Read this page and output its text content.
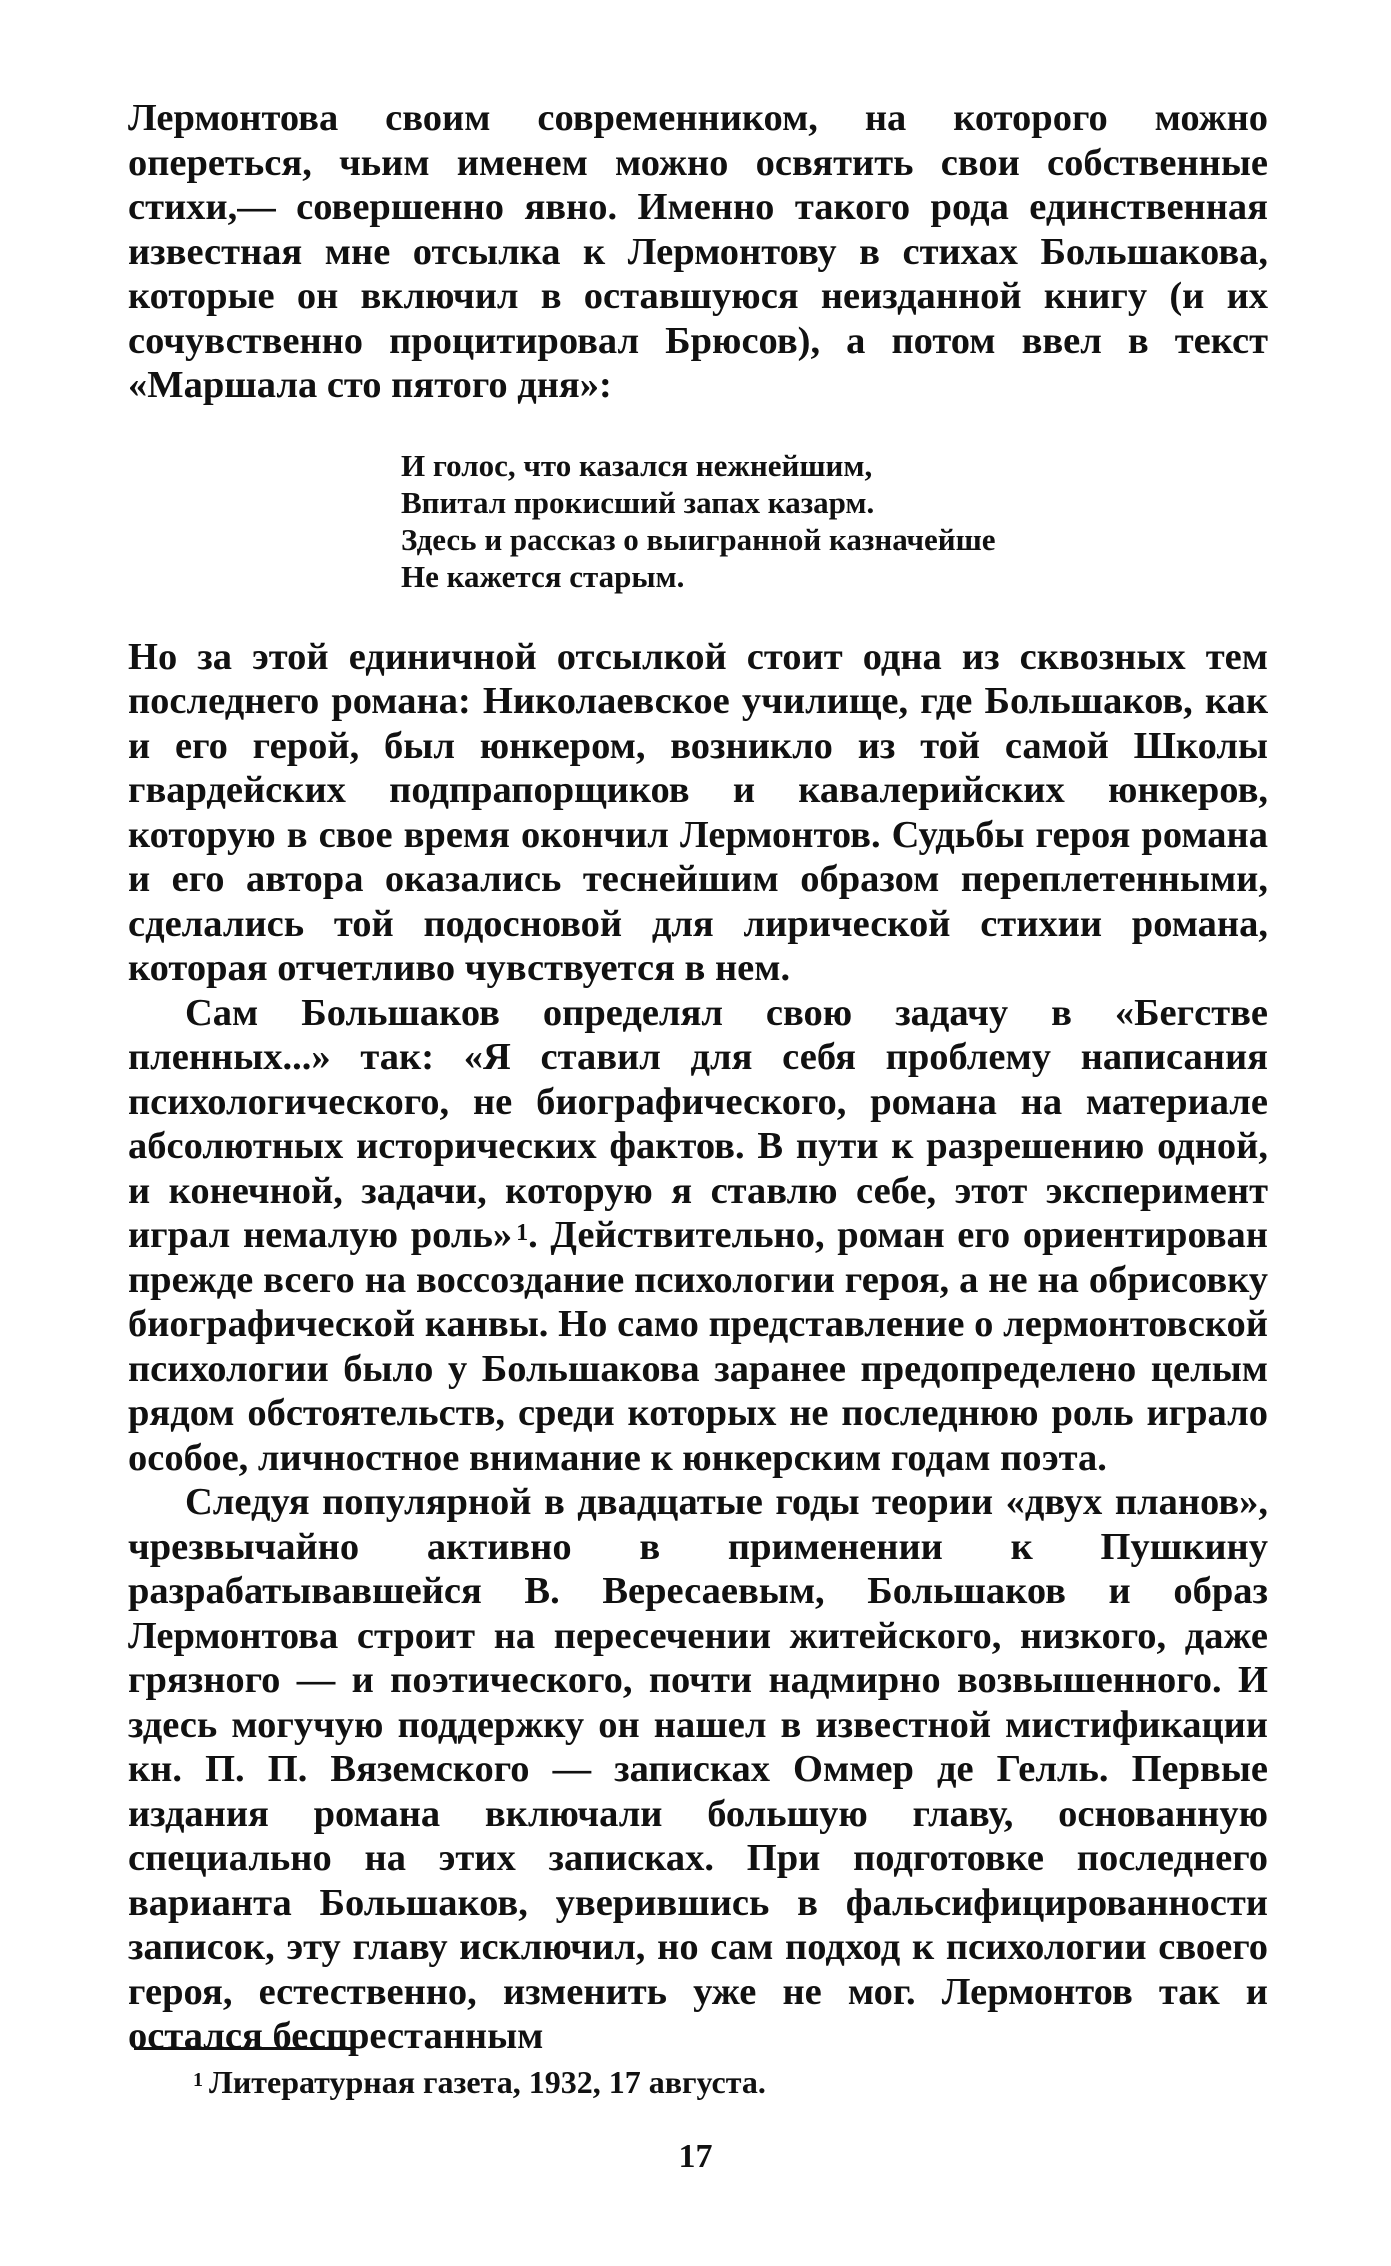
Лермонтова своим современником, на которого можно опереться, чьим именем можно освятить свои собственные стихи,— совершенно явно. Именно такого рода единственная известная мне отсылка к Лермонтову в стихах Большакова, которые он включил в оставшуюся неизданной книгу (и их сочувственно процитировал Брюсов), а потом ввел в текст «Маршала сто пятого дня»:

И голос, что казался нежнейшим,
Впитал прокисший запах казарм.
Здесь и рассказ о выигранной казначейше
Не кажется старым.

Но за этой единичной отсылкой стоит одна из сквозных тем последнего романа: Николаевское училище, где Большаков, как и его герой, был юнкером, возникло из той самой Школы гвардейских подпрапорщиков и кавалерийских юнкеров, которую в свое время окончил Лермонтов. Судьбы героя романа и его автора оказались теснейшим образом переплетенными, сделались той подосновой для лирической стихии романа, которая отчетливо чувствуется в нем.

Сам Большаков определял свою задачу в «Бегстве пленных...» так: «Я ставил для себя проблему написания психологического, не биографического, романа на материале абсолютных исторических фактов. В пути к разрешению одной, и конечной, задачи, которую я ставлю себе, этот эксперимент играл немалую роль» $^1$. Действительно, роман его ориентирован прежде всего на воссоздание психологии героя, а не на обрисовку биографической канвы. Но само представление о лермонтовской психологии было у Большакова заранее предопределено целым рядом обстоятельств, среди которых не последнюю роль играло особое, личностное внимание к юнкерским годам поэта.

Следуя популярной в двадцатые годы теории «двух планов», чрезвычайно активно в применении к Пушкину разрабатывавшейся В. Вересаевым, Большаков и образ Лермонтова строит на пересечении житейского, низкого, даже грязного — и поэтического, почти надмирно возвышенного. И здесь могучую поддержку он нашел в известной мистификации кн. П. П. Вяземского — записках Оммер де Гелль. Первые издания романа включали большую главу, основанную специально на этих записках. При подготовке последнего варианта Большаков, уверившись в фальсифицированности записок, эту главу исключил, но сам подход к психологии своего героя, естественно, изменить уже не мог. Лермонтов так и остался беспрестанным

1 Литературная газета, 1932, 17 августа.
17
